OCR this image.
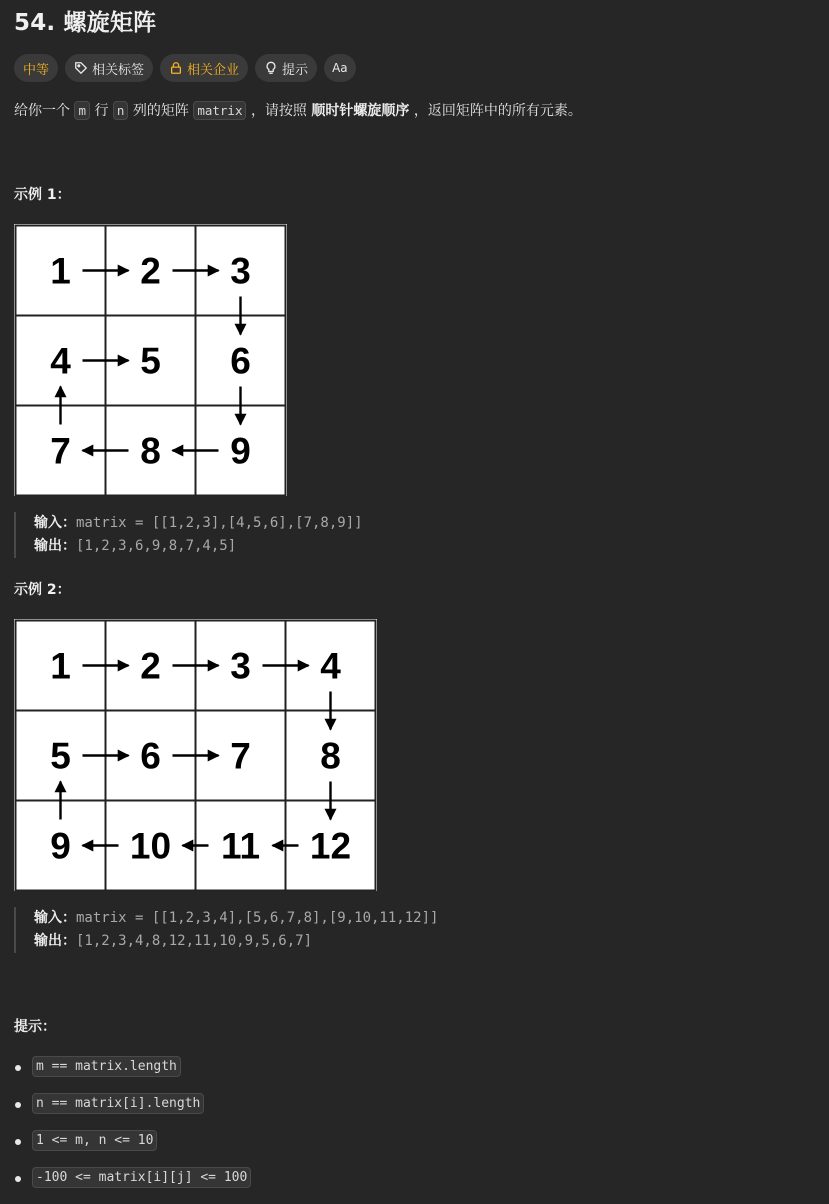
54. 螺旋矩阵
中等	相关标签	相关企业	提示 Aa
给你一个 m 行 n 列的矩阵 matrix ，请按照 顺时针螺旋顺序 ，返回矩阵中的所有元素。
示例 1：
1 2 3
4 5 6
7 8 9
输入：matrix = [[1,2,3],[4,5,6],[7,8,9]]
输出：[1,2,3,6,9,8,7,4,5]
示例 2：
1 2 3 4
5 6 7 8
9 10 11 12
输入：matrix = [[1,2,3,4],[5,6,7,8],[9,10,11,12]]
输出：[1,2,3,4,8,12,11,10,9,5,6,7]
提示：
m == matrix.length
n == matrix[i].length
1 <= m, n <= 10
-100 <= matrix[i][j] <= 100
